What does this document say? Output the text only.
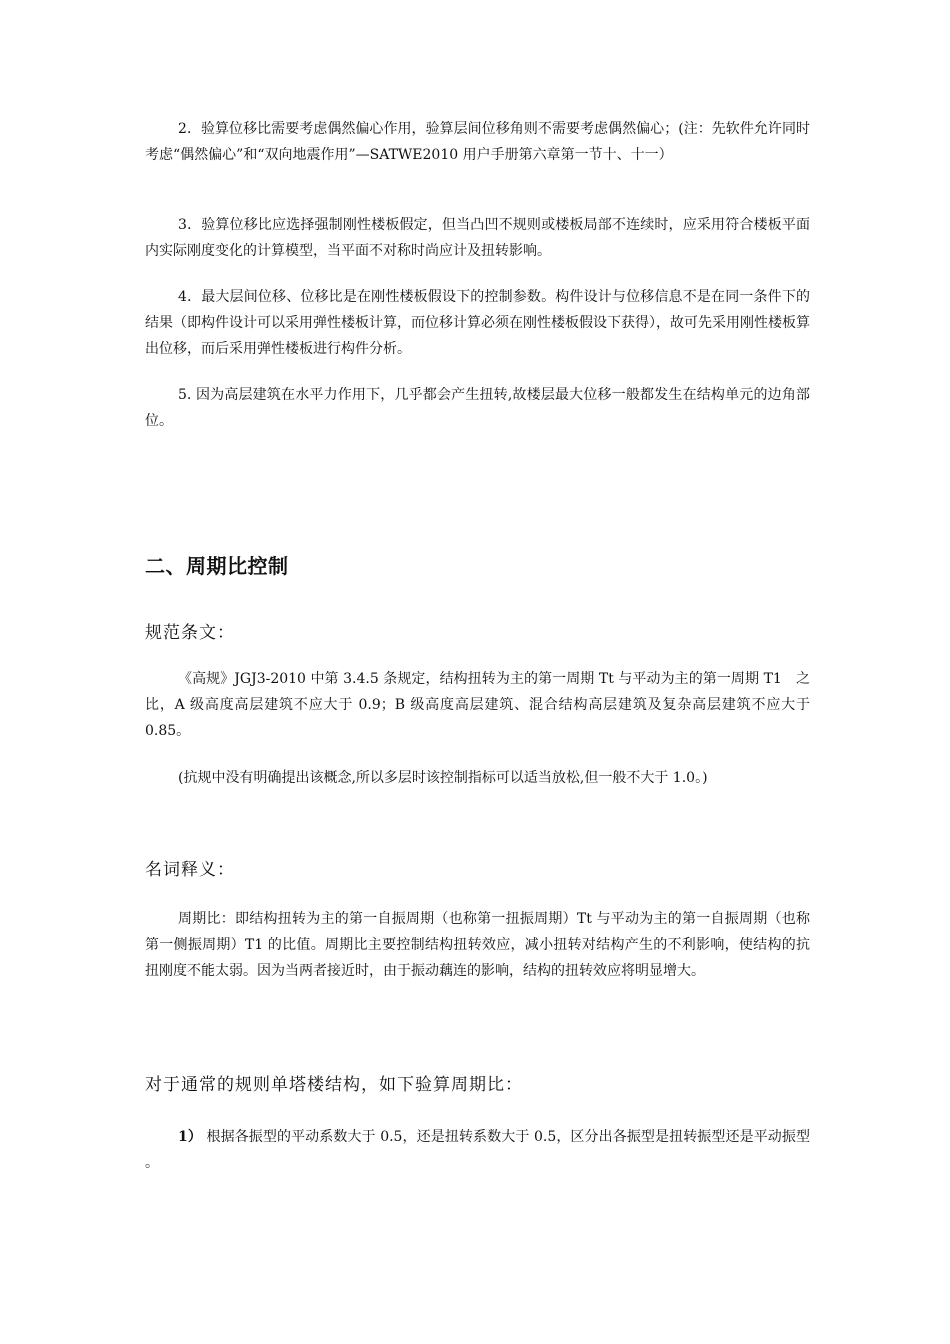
2．验算位移比需要考虑偶然偏心作用，验算层间位移角则不需要考虑偶然偏心；(注：先软件允许同时考虑“偶然偏心”和“双向地震作用”—SATWE2010 用户手册第六章第一节十、十一）

3．验算位移比应选择强制刚性楼板假定，但当凸凹不规则或楼板局部不连续时，应采用符合楼板平面内实际刚度变化的计算模型，当平面不对称时尚应计及扭转影响。

4．最大层间位移、位移比是在刚性楼板假设下的控制参数。构件设计与位移信息不是在同一条件下的结果（即构件设计可以采用弹性楼板计算，而位移计算必须在刚性楼板假设下获得），故可先采用刚性楼板算出位移，而后采用弹性楼板进行构件分析。

5. 因为高层建筑在水平力作用下，几乎都会产生扭转,故楼层最大位移一般都发生在结构单元的边角部位。

二、周期比控制
规范条文：

《高规》JGJ3-2010 中第 3.4.5 条规定，结构扭转为主的第一周期 Tt 与平动为主的第一周期 T1　之比，A 级高度高层建筑不应大于 0.9；B 级高度高层建筑、混合结构高层建筑及复杂高层建筑不应大于 0.85。

(抗规中没有明确提出该概念,所以多层时该控制指标可以适当放松,但一般不大于 1.0。)

名词释义：

周期比：即结构扭转为主的第一自振周期（也称第一扭振周期）Tt 与平动为主的第一自振周期（也称第一侧振周期）T1 的比值。周期比主要控制结构扭转效应，减小扭转对结构产生的不利影响，使结构的抗扭刚度不能太弱。因为当两者接近时，由于振动藕连的影响，结构的扭转效应将明显增大。

对于通常的规则单塔楼结构，如下验算周期比：

1） 根据各振型的平动系数大于 0.5，还是扭转系数大于 0.5，区分出各振型是扭转振型还是平动振型 。
